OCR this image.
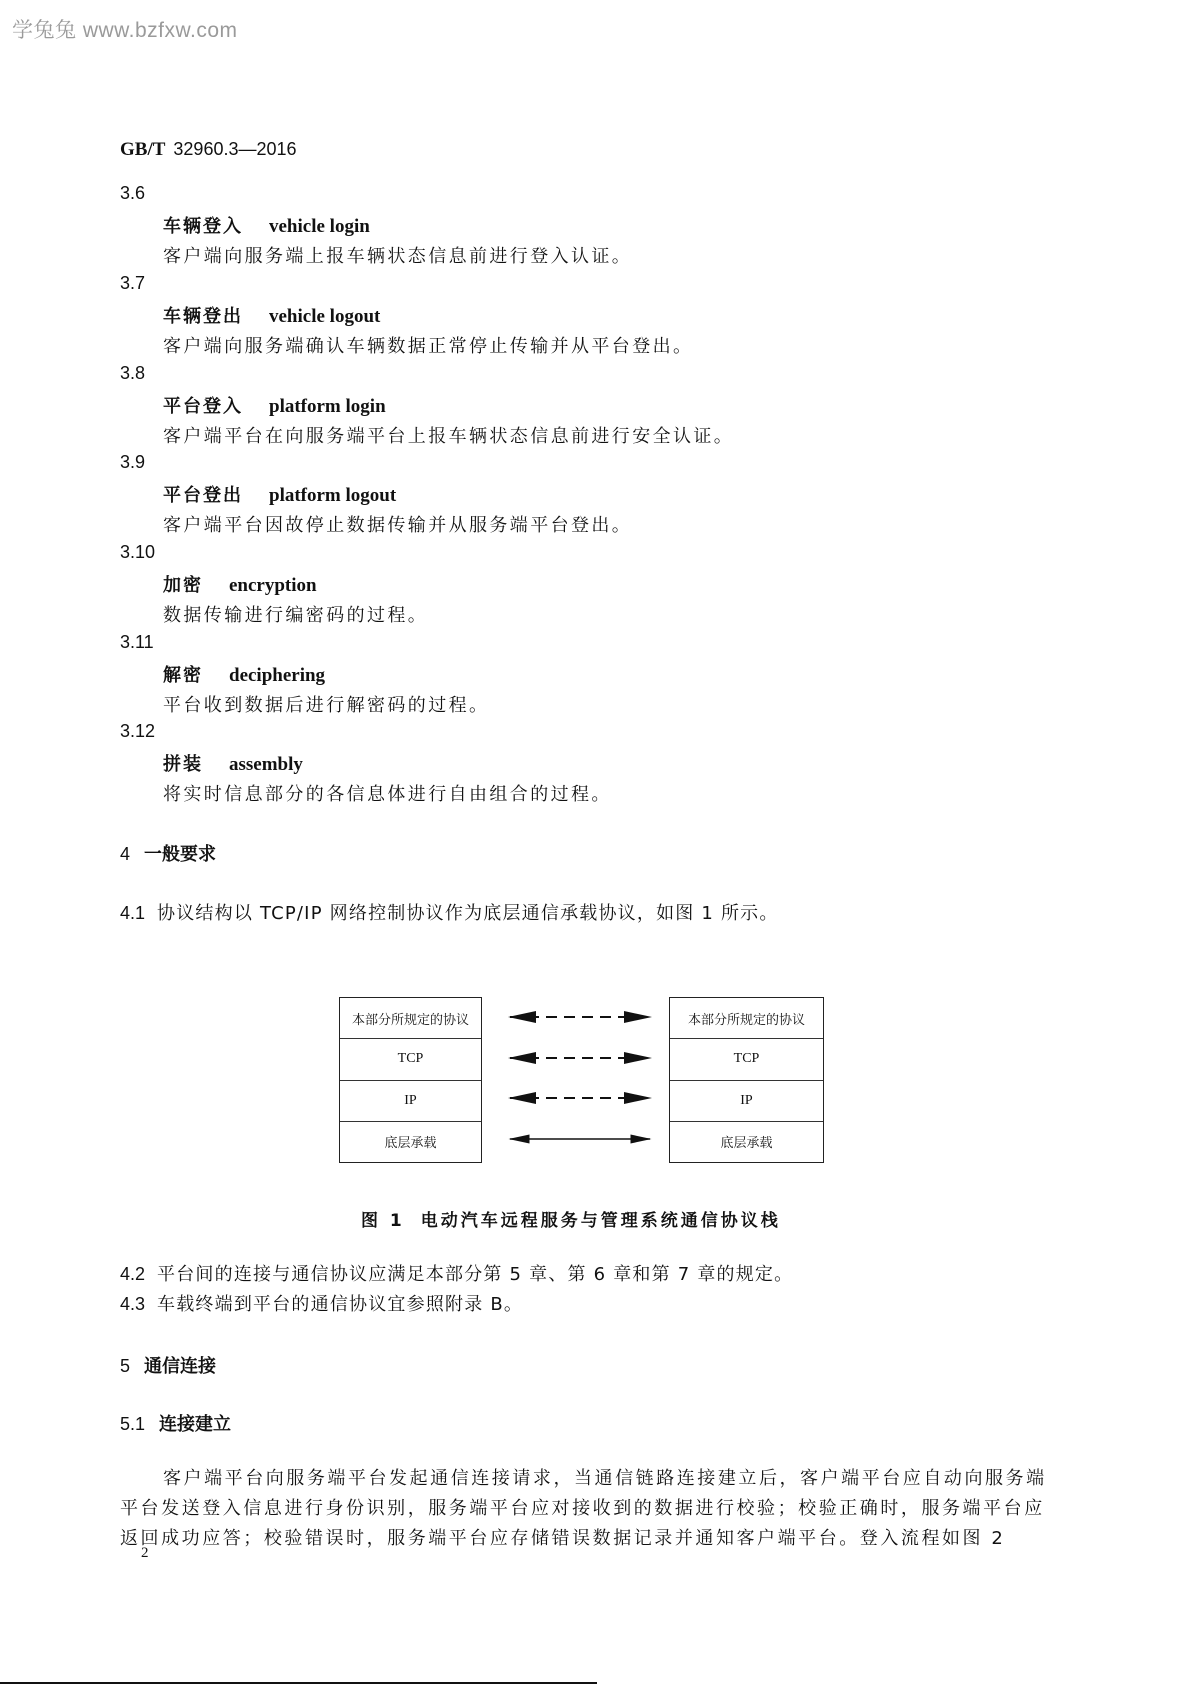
学兔兔 www.bzfxw.com
GB/T 32960.3—2016
3.6
车辆登入 vehicle login
客户端向服务端上报车辆状态信息前进行登入认证。
3.7
车辆登出 vehicle logout
客户端向服务端确认车辆数据正常停止传输并从平台登出。
3.8
平台登入 platform login
客户端平台在向服务端平台上报车辆状态信息前进行安全认证。
3.9
平台登出 platform logout
客户端平台因故停止数据传输并从服务端平台登出。
3.10
加密 encryption
数据传输进行编密码的过程。
3.11
解密 deciphering
平台收到数据后进行解密码的过程。
3.12
拼装 assembly
将实时信息部分的各信息体进行自由组合的过程。
4 一般要求
4.1 协议结构以 TCP/IP 网络控制协议作为底层通信承载协议，如图 1 所示。
本部分所规定的协议
TCP
IP
底层承载
本部分所规定的协议
TCP
IP
底层承载
图 1 电动汽车远程服务与管理系统通信协议栈
4.2 平台间的连接与通信协议应满足本部分第 5 章、第 6 章和第 7 章的规定。
4.3 车载终端到平台的通信协议宜参照附录 B。
5 通信连接
5.1 连接建立
客户端平台向服务端平台发起通信连接请求，当通信链路连接建立后，客户端平台应自动向服务端
平台发送登入信息进行身份识别，服务端平台应对接收到的数据进行校验；校验正确时，服务端平台应
返回成功应答；校验错误时，服务端平台应存储错误数据记录并通知客户端平台。登入流程如图 2
2
